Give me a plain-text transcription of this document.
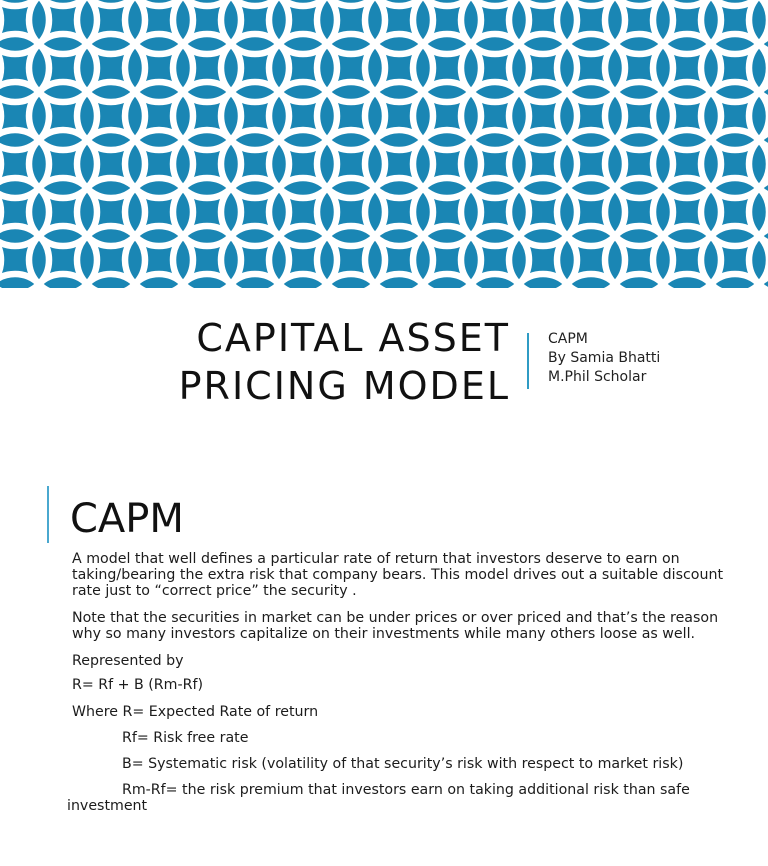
CAPITAL ASSET
PRICING MODEL
CAPM
By Samia Bhatti
M.Phil Scholar
CAPM

A model that well defines a particular rate of return that investors deserve to earn on taking/bearing the extra risk that company bears. This model drives out a suitable discount rate just to “correct price” the security .

Note that the securities in market can be under prices or over priced and that’s the reason why so many investors capitalize on their investments while many others loose as well.

Represented by

R= Rf + B (Rm-Rf)

Where R= Expected Rate of return

Rf= Risk free rate

B= Systematic risk (volatility of that security’s risk with respect to market risk)

Rm-Rf= the risk premium that investors earn on taking additional risk than safe investment
